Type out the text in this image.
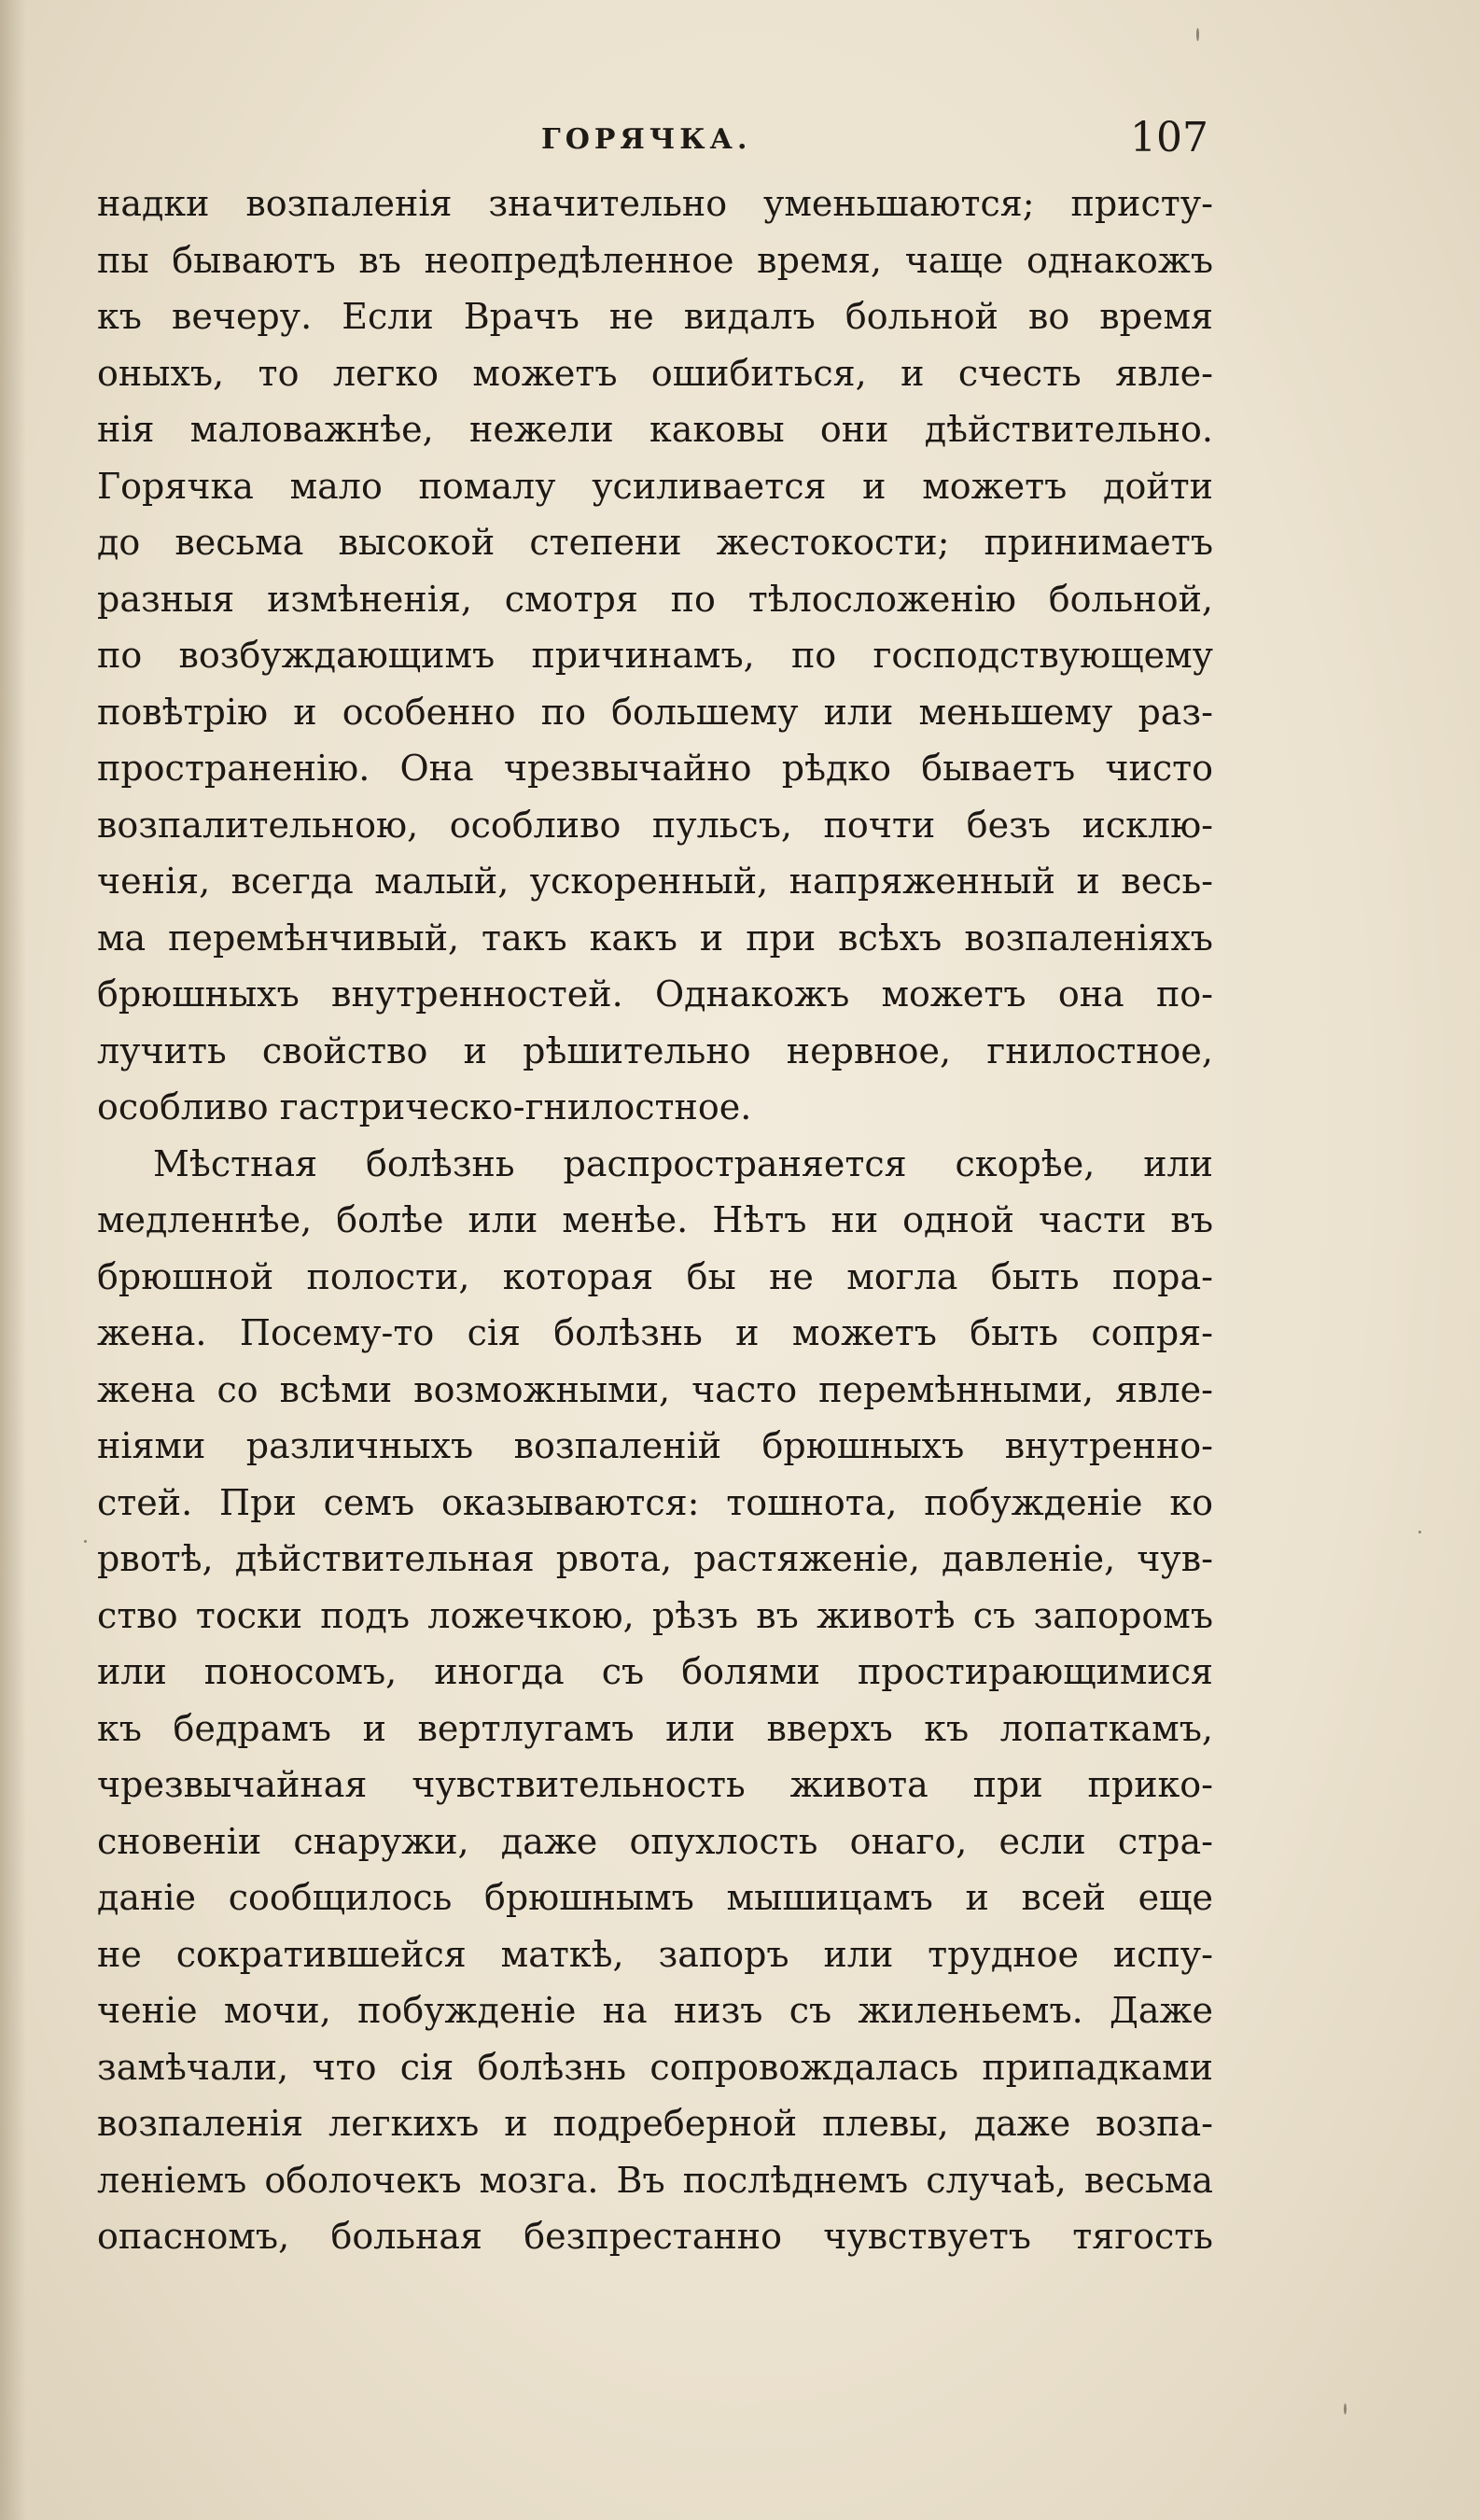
ГОРЯЧКА.	107
надки возпаленія значительно уменьшаются; присту-
пы бываютъ въ неопредѣленное время, чаще однакожъ
къ вечеру. Если Врачъ не видалъ больной во время
оныхъ, то легко можетъ ошибиться, и счесть явле-
нія маловажнѣе, нежели каковы они дѣйствительно.
Горячка мало помалу усиливается и можетъ дойти
до весьма высокой степени жестокости; принимаетъ
разныя измѣненія, смотря по тѣлосложенію больной,
по возбуждающимъ причинамъ, по господствующему
повѣтрію и особенно по большему или меньшему раз-
пространенію. Она чрезвычайно рѣдко бываетъ чисто
возпалительною, особливо пульсъ, почти безъ исклю-
ченія, всегда малый, ускоренный, напряженный и весь-
ма перемѣнчивый, такъ какъ и при всѣхъ возпаленіяхъ
брюшныхъ внутренностей. Однакожъ можетъ она по-
лучить свойство и рѣшительно нервное, гнилостное,
особливо гастрическо-гнилостное.
Мѣстная болѣзнь распространяется скорѣе, или
медленнѣе, болѣе или менѣе. Нѣтъ ни одной части въ
брюшной полости, которая бы не могла быть пора-
жена. Посему-то сія болѣзнь и можетъ быть сопря-
жена со всѣми возможными, часто перемѣнными, явле-
ніями различныхъ возпаленій брюшныхъ внутренно-
стей. При семъ оказываются: тошнота, побужденіе ко
рвотѣ, дѣйствительная рвота, растяженіе, давленіе, чув-
ство тоски подъ ложечкою, рѣзъ въ животѣ съ запоромъ
или поносомъ, иногда съ болями простирающимися
къ бедрамъ и вертлугамъ или вверхъ къ лопаткамъ,
чрезвычайная чувствительность живота при прико-
сновеніи снаружи, даже опухлость онаго, если стра-
даніе сообщилось брюшнымъ мышицамъ и всей еще
не сократившейся маткѣ, запоръ или трудное испу-
ченіе мочи, побужденіе на низъ съ жиленьемъ. Даже
замѣчали, что сія болѣзнь сопровождалась припадками
возпаленія легкихъ и подреберной плевы, даже возпа-
леніемъ оболочекъ мозга. Въ послѣднемъ случаѣ, весьма
опасномъ, больная безпрестанно чувствуетъ тягость
